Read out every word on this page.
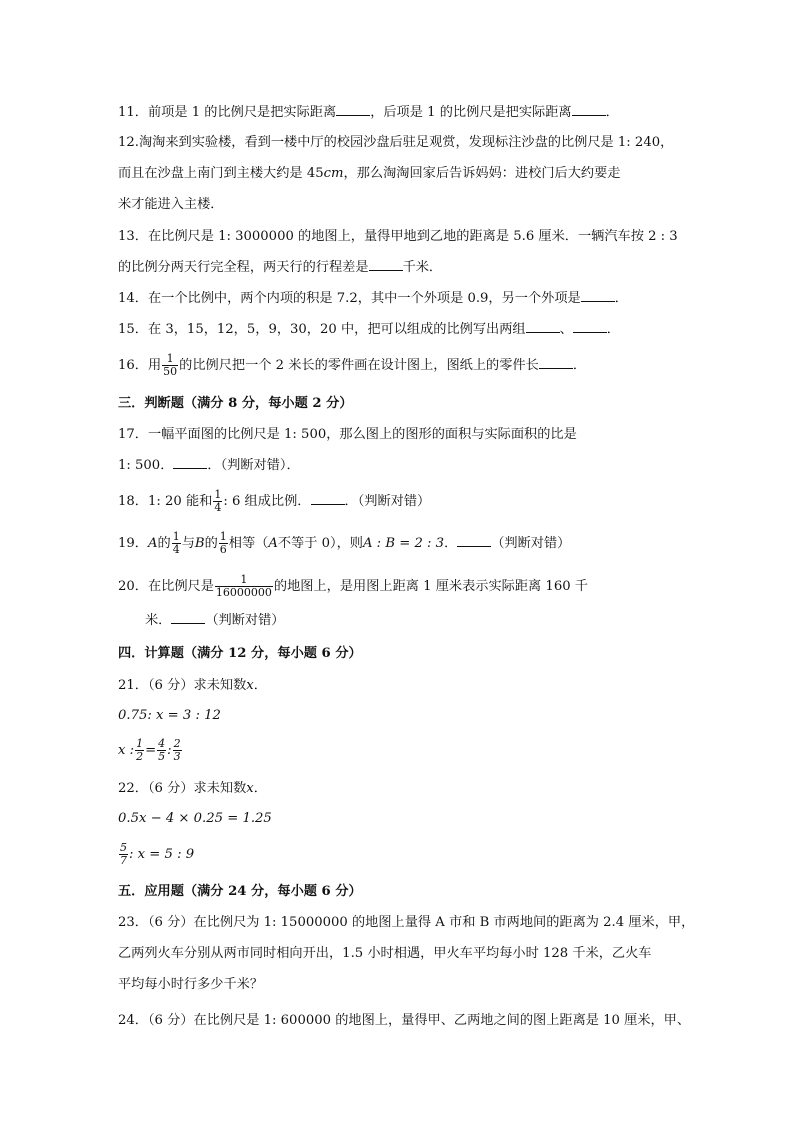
11．前项是 1 的比例尺是把实际距离	，后项是 1 的比例尺是把实际距离	．
12.淘淘来到实验楼，看到一楼中厅的校园沙盘后驻足观赏，发现标注沙盘的比例尺是 1: 240，
而且在沙盘上南门到主楼大约是 45cm，那么淘淘回家后告诉妈妈：进校门后大约要走
米才能进入主楼．
13．在比例尺是 1: 3000000 的地图上，量得甲地到乙地的距离是 5.6 厘米．一辆汽车按 2 : 3
的比例分两天行完全程，两天行的行程差是	千米．
14．在一个比例中，两个内项的积是 7.2，其中一个外项是 0.9，另一个外项是	．
15．在 3，15，12，5，9，30，20 中，把可以组成的比例写出两组	、	．
16．用 $\frac{1}{50}$ 的比例尺把一个 2 米长的零件画在设计图上，图纸上的零件长	．
三．判断题（满分 8 分，每小题 2 分）
17．一幅平面图的比例尺是 1: 500，那么图上的图形的面积与实际面积的比是
1: 500．	．（判断对错）．
18．1: 20 能和 $\frac{1}{4}$ : 6 组成比例．	．（判断对错）
19．A的 $\frac{1}{4}$ 与B的 $\frac{1}{6}$ 相等（A不等于 0），则A : B = 2 : 3．	（判断对错）
20．在比例尺是 $\frac{1}{16000000}$ 的地图上，是用图上距离 1 厘米表示实际距离 160 千
米．	（判断对错）
四．计算题（满分 12 分，每小题 6 分）
21．（6 分）求未知数x．
0.75: x = 3 : 12
x : $\frac{1}{2} = \frac{4}{5}$ : $\frac{2}{3}$
22．（6 分）求未知数x．
0.5x − 4 × 0.25 = 1.25
$\frac{5}{7}$ : x = 5 : 9
五．应用题（满分 24 分，每小题 6 分）
23．（6 分）在比例尺为 1: 15000000 的地图上量得 A 市和 B 市两地间的距离为 2.4 厘米，甲，
乙两列火车分别从两市同时相向开出，1.5 小时相遇，甲火车平均每小时 128 千米，乙火车
平均每小时行多少千米？
24．（6 分）在比例尺是 1: 600000 的地图上，量得甲、乙两地之间的图上距离是 10 厘米，甲、
